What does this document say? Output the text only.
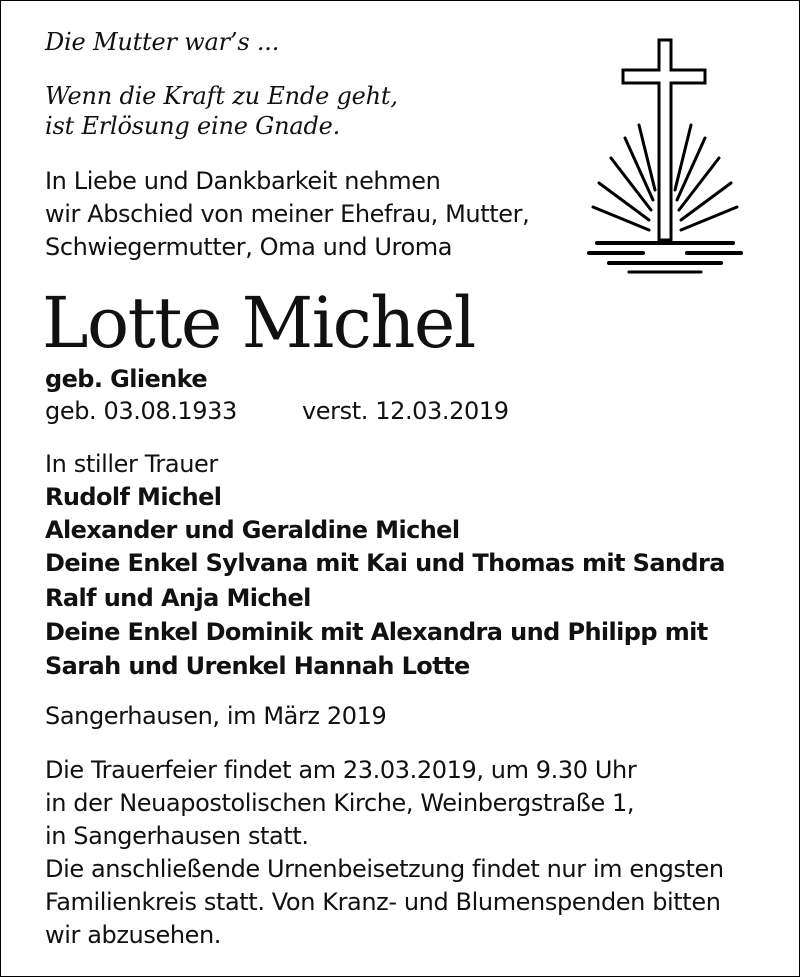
Die Mutter war’s ...
Wenn die Kraft zu Ende geht,
ist Erlösung eine Gnade.
In Liebe und Dankbarkeit nehmen
wir Abschied von meiner Ehefrau, Mutter,
Schwiegermutter, Oma und Uroma
Lotte Michel
geb. Glienke
geb. 03.08.1933	verst. 12.03.2019
In stiller Trauer
Rudolf Michel
Alexander und Geraldine Michel
Deine Enkel Sylvana mit Kai und Thomas mit Sandra
Ralf und Anja Michel
Deine Enkel Dominik mit Alexandra und Philipp mit
Sarah und Urenkel Hannah Lotte
Sangerhausen, im März 2019
Die Trauerfeier findet am 23.03.2019, um 9.30 Uhr
in der Neuapostolischen Kirche, Weinbergstraße 1,
in Sangerhausen statt.
Die anschließende Urnenbeisetzung findet nur im engsten
Familienkreis statt. Von Kranz- und Blumenspenden bitten
wir abzusehen.
